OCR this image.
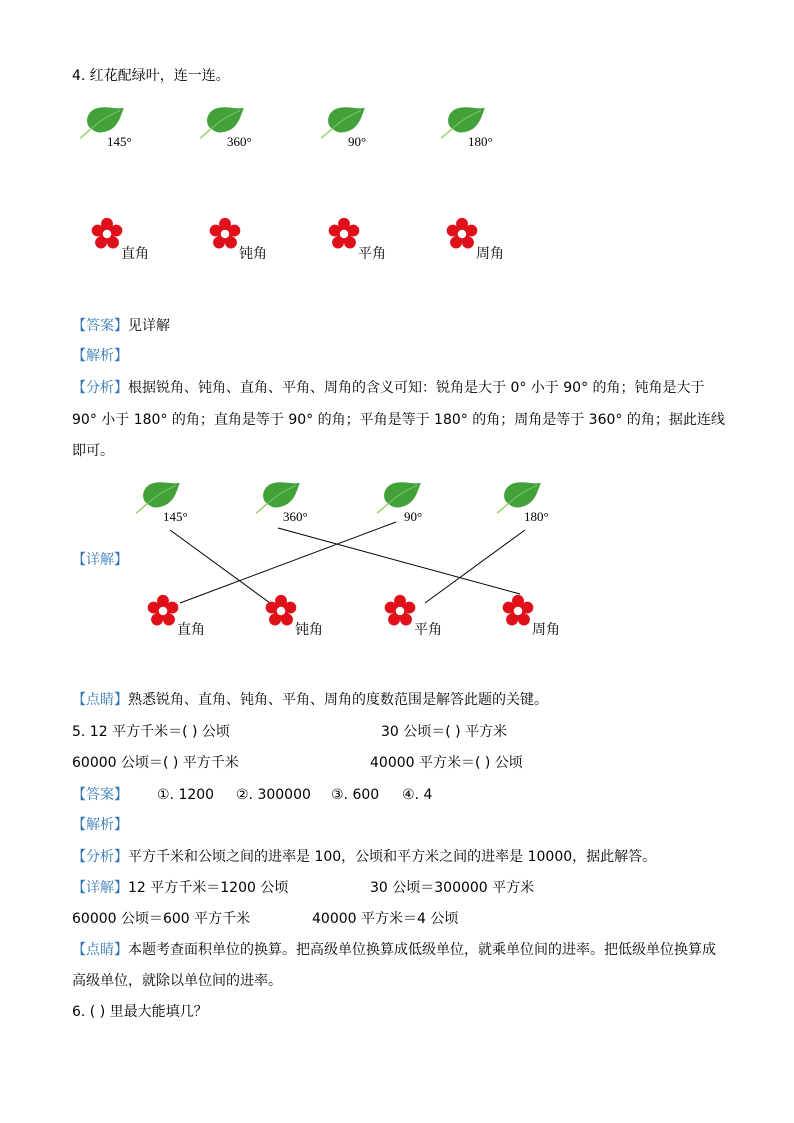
4. 红花配绿叶，连一连。
145°	360°	90°	180°
直角	钝角	平角	周角
【答案】见详解
【解析】
【分析】根据锐角、钝角、直角、平角、周角的含义可知：锐角是大于 0° 小于 90° 的角；钝角是大于
90° 小于 180° 的角；直角是等于 90° 的角；平角是等于 180° 的角；周角是等于 360° 的角；据此连线
即可。
145°	360°	90°	180°
【详解】
直角	钝角	平角	周角
【点睛】熟悉锐角、直角、钝角、平角、周角的度数范围是解答此题的关键。
5. 12 平方千米＝( ) 公顷	30 公顷＝( ) 平方米
60000 公顷＝( ) 平方千米	40000 平方米＝( ) 公顷
【答案】 ①. 1200 ②. 300000 ③. 600 ④. 4
【解析】
【分析】平方千米和公顷之间的进率是 100，公顷和平方米之间的进率是 10000，据此解答。
【详解】12 平方千米＝1200 公顷	30 公顷＝300000 平方米
60000 公顷＝600 平方千米	40000 平方米＝4 公顷
【点睛】本题考查面积单位的换算。把高级单位换算成低级单位，就乘单位间的进率。把低级单位换算成
高级单位，就除以单位间的进率。
6. ( ) 里最大能填几？
